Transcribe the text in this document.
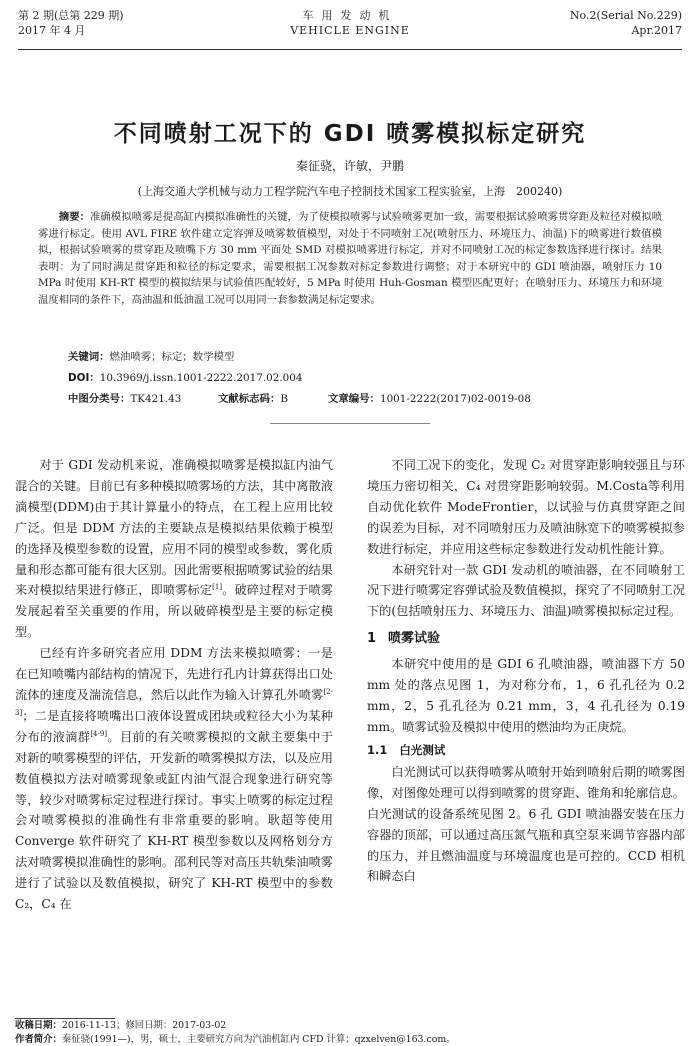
第 2 期(总第 229 期)
2017 年 4 月
车用发动机
VEHICLE ENGINE
No.2(Serial No.229)
Apr.2017
不同喷射工况下的 GDI 喷雾模拟标定研究
秦征骁，许敏，尹鹏
(上海交通大学机械与动力工程学院汽车电子控制技术国家工程实验室，上海　200240)
摘要：准确模拟喷雾是提高缸内模拟准确性的关键，为了使模拟喷雾与试验喷雾更加一致，需要根据试验喷雾贯穿距及粒径对模拟喷雾进行标定。使用 AVL FIRE 软件建立定容弹及喷雾数值模型，对处于不同喷射工况(喷射压力、环境压力、油温)下的喷雾进行数值模拟，根据试验喷雾的贯穿距及喷嘴下方 30 mm 平面处 SMD 对模拟喷雾进行标定，并对不同喷射工况的标定参数选择进行探讨。结果表明：为了同时满足贯穿距和粒径的标定要求，需要根据工况参数对标定参数进行调整；对于本研究中的 GDI 喷油器，喷射压力 10 MPa 时使用 KH-RT 模型的模拟结果与试验值匹配较好，5 MPa 时使用 Huh-Gosman 模型匹配更好；在喷射压力、环境压力和环境温度相同的条件下，高油温和低油温工况可以用同一套参数满足标定要求。
关键词：燃油喷雾；标定；数学模型
DOI：10.3969/j.issn.1001-2222.2017.02.004
中图分类号：TK421.43	文献标志码：B	文章编号：1001-2222(2017)02-0019-08

对于 GDI 发动机来说，准确模拟喷雾是模拟缸内油气混合的关键。目前已有多种模拟喷雾场的方法，其中离散液滴模型(DDM)由于其计算量小的特点，在工程上应用比较广泛。但是 DDM 方法的主要缺点是模拟结果依赖于模型的选择及模型参数的设置，应用不同的模型或参数，雾化质量和形态都可能有很大区别。因此需要根据喷雾试验的结果来对模拟结果进行修正，即喷雾标定[1]。破碎过程对于喷雾发展起着至关重要的作用，所以破碎模型是主要的标定模型。

已经有许多研究者应用 DDM 方法来模拟喷雾：一是在已知喷嘴内部结构的情况下，先进行孔内计算获得出口处流体的速度及湍流信息，然后以此作为输入计算孔外喷雾[2-3]；二是直接将喷嘴出口液体设置成团块或粒径大小为某种分布的液滴群[4-9]。目前的有关喷雾模拟的文献主要集中于对新的喷雾模型的评估，开发新的喷雾模拟方法，以及应用数值模拟方法对喷雾现象或缸内油气混合现象进行研究等等，较少对喷雾标定过程进行探讨。事实上喷雾的标定过程会对喷雾模拟的准确性有非常重要的影响。耿超等使用 Converge 软件研究了 KH-RT 模型参数以及网格划分方法对喷雾模拟准确性的影响。邵利民等对高压共轨柴油喷雾进行了试验以及数值模拟，研究了 KH-RT 模型中的参数 C₂，C₄ 在

不同工况下的变化，发现 C₂ 对贯穿距影响较强且与环境压力密切相关，C₄ 对贯穿距影响较弱。M.Costa等利用自动优化软件 ModeFrontier，以试验与仿真贯穿距之间的误差为目标，对不同喷射压力及喷油脉宽下的喷雾模拟参数进行标定，并应用这些标定参数进行发动机性能计算。

本研究针对一款 GDI 发动机的喷油器，在不同喷射工况下进行喷雾定容弹试验及数值模拟，探究了不同喷射工况下的(包括喷射压力、环境压力、油温)喷雾模拟标定过程。

1 喷雾试验

本研究中使用的是 GDI 6 孔喷油器，喷油器下方 50 mm 处的落点见图 1，为对称分布，1，6 孔孔径为 0.2 mm，2，5 孔孔径为 0.21 mm，3，4 孔孔径为 0.19 mm。喷雾试验及模拟中使用的燃油均为正庚烷。

1.1 白光测试

白光测试可以获得喷雾从喷射开始到喷射后期的喷雾图像，对图像处理可以得到喷雾的贯穿距、锥角和轮廓信息。白光测试的设备系统见图 2。6 孔 GDI 喷油器安装在压力容器的顶部，可以通过高压氮气瓶和真空泵来调节容器内部的压力，并且燃油温度与环境温度也是可控的。CCD 相机和瞬态白

收稿日期：2016-11-13；修回日期：2017-03-02
作者简介：秦征骁(1991—)，男，硕士，主要研究方向为汽油机缸内 CFD 计算；qzxelven@163.com。
